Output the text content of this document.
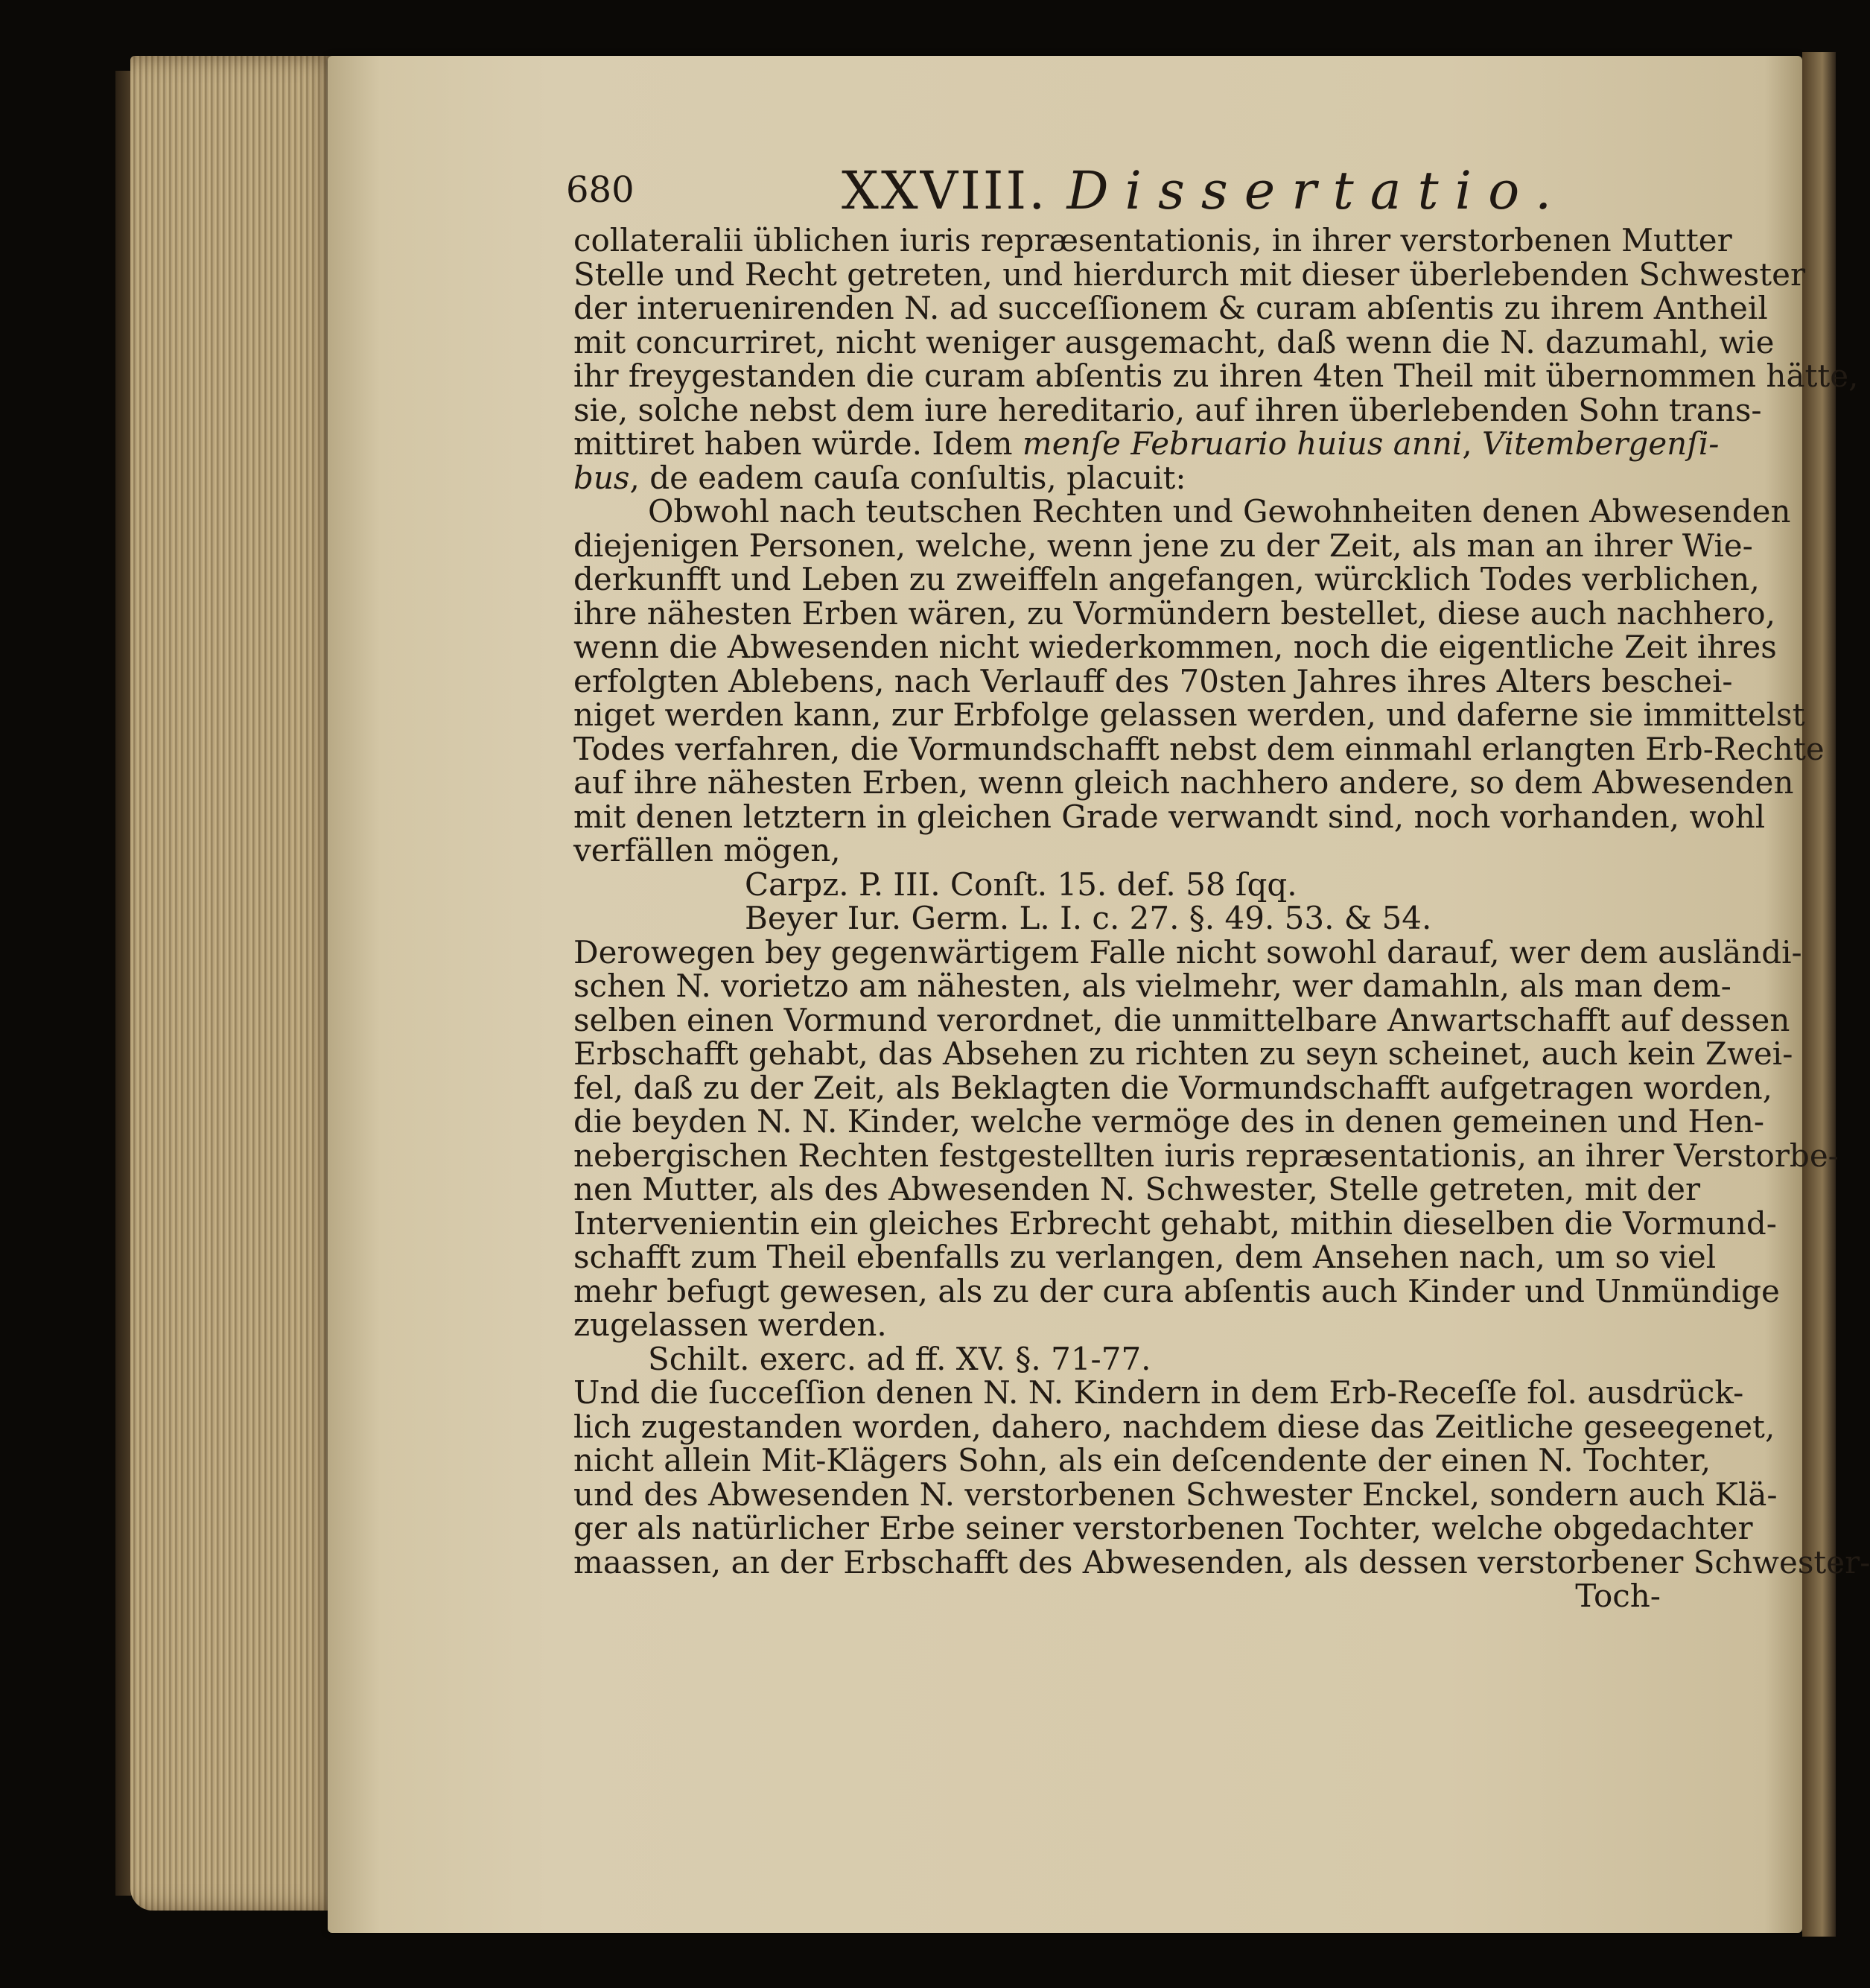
680	XXVIII. Dissertatio.
collateralii üblichen iuris repræsentationis, in ihrer verstorbenen Mutter
Stelle und Recht getreten, und hierdurch mit dieser überlebenden Schwester
der interuenirenden N. ad succeſſionem & curam abſentis zu ihrem Antheil
mit concurriret, nicht weniger ausgemacht, daß wenn die N. dazumahl, wie
ihr freygestanden die curam abſentis zu ihren 4ten Theil mit übernommen hätte,
sie, solche nebst dem iure hereditario, auf ihren überlebenden Sohn trans-
mittiret haben würde. Idem menſe Februario huius anni, Vitembergenſi-
bus, de eadem cauſa conſultis, placuit:
Obwohl nach teutschen Rechten und Gewohnheiten denen Abwesenden
diejenigen Personen, welche, wenn jene zu der Zeit, als man an ihrer Wie-
derkunfft und Leben zu zweiffeln angefangen, würcklich Todes verblichen,
ihre nähesten Erben wären, zu Vormündern bestellet, diese auch nachhero,
wenn die Abwesenden nicht wiederkommen, noch die eigentliche Zeit ihres
erfolgten Ablebens, nach Verlauff des 70sten Jahres ihres Alters beschei-
niget werden kann, zur Erbfolge gelassen werden, und daferne sie immittelst
Todes verfahren, die Vormundschafft nebst dem einmahl erlangten Erb-Rechte
auf ihre nähesten Erben, wenn gleich nachhero andere, so dem Abwesenden
mit denen letztern in gleichen Grade verwandt sind, noch vorhanden, wohl
verfällen mögen,
Carpz. P. III. Conſt. 15. def. 58 ſqq.
Beyer Iur. Germ. L. I. c. 27. §. 49. 53. & 54.
Derowegen bey gegenwärtigem Falle nicht sowohl darauf, wer dem ausländi-
schen N. vorietzo am nähesten, als vielmehr, wer damahln, als man dem-
selben einen Vormund verordnet, die unmittelbare Anwartschafft auf dessen
Erbschafft gehabt, das Absehen zu richten zu seyn scheinet, auch kein Zwei-
fel, daß zu der Zeit, als Beklagten die Vormundschafft aufgetragen worden,
die beyden N. N. Kinder, welche vermöge des in denen gemeinen und Hen-
nebergischen Rechten festgestellten iuris repræsentationis, an ihrer Verstorbe-
nen Mutter, als des Abwesenden N. Schwester, Stelle getreten, mit der
Intervenientin ein gleiches Erbrecht gehabt, mithin dieselben die Vormund-
schafft zum Theil ebenfalls zu verlangen, dem Ansehen nach, um so viel
mehr befugt gewesen, als zu der cura abſentis auch Kinder und Unmündige
zugelassen werden.
Schilt. exerc. ad ff. XV. §. 71-77.
Und die ſucceſſion denen N. N. Kindern in dem Erb-Receſſe fol. ausdrück-
lich zugestanden worden, dahero, nachdem diese das Zeitliche geseegenet,
nicht allein Mit-Klägers Sohn, als ein deſcendente der einen N. Tochter,
und des Abwesenden N. verstorbenen Schwester Enckel, sondern auch Klä-
ger als natürlicher Erbe seiner verstorbenen Tochter, welche obgedachter
maassen, an der Erbschafft des Abwesenden, als dessen verstorbener Schwester-
Toch-
